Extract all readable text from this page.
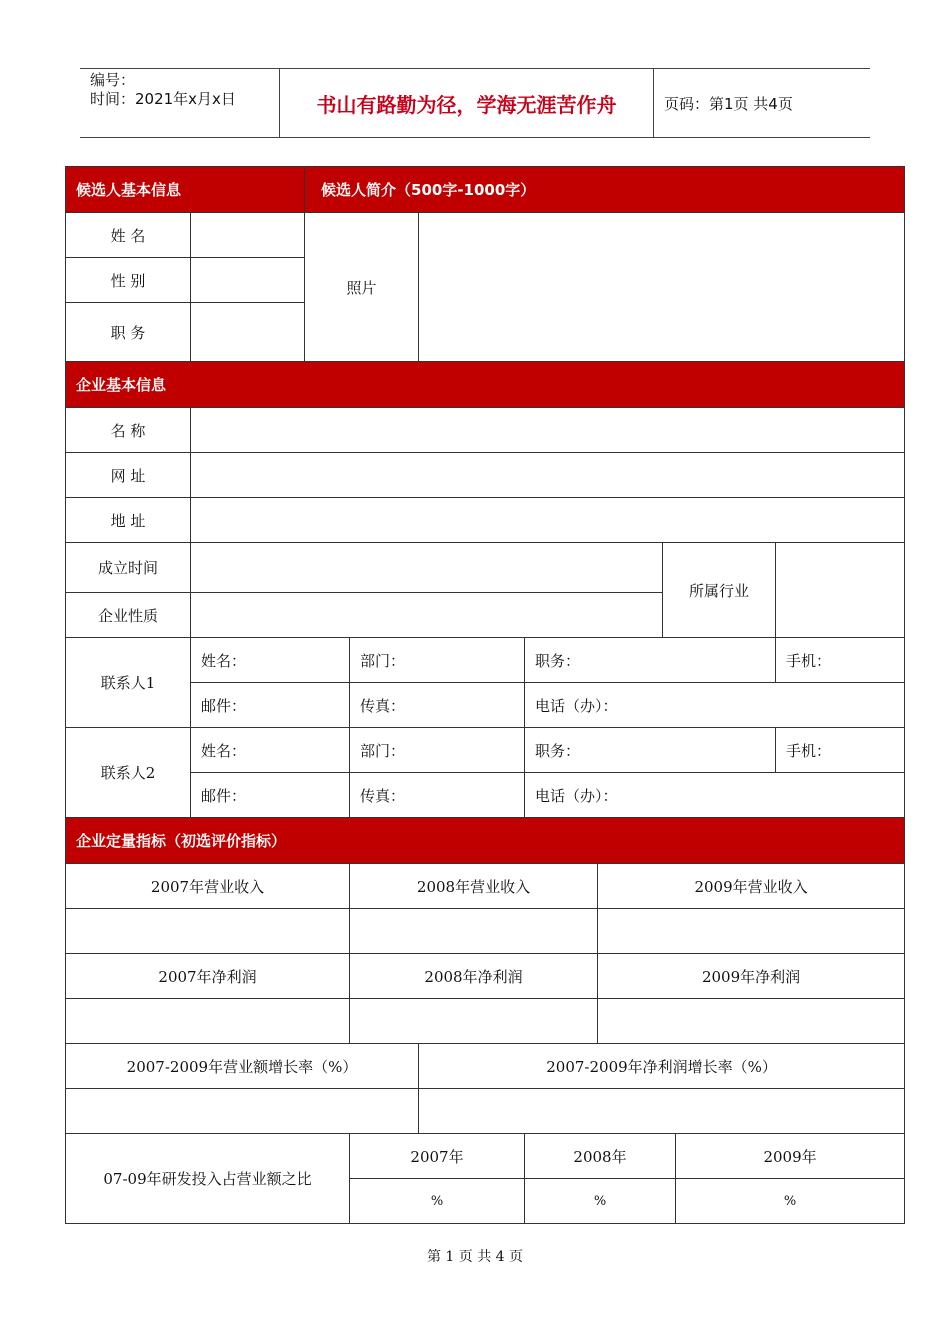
编号：
时间：2021年x月x日	书山有路勤为径，学海无涯苦作舟	页码：第1页 共4页
候选人基本信息		候选人简介（500字-1000字）							
姓 名		照片							
性 别									
职 务									
企业基本信息									
名 称									
网 址									
地 址									
成立时间							所属行业		
企业性质									
联系人1	姓名：		部门：		职务：				手机：
	邮件：		传真：		电话（办）：				
联系人2	姓名：		部门：		职务：				手机：
	邮件：		传真：		电话（办）：				
企业定量指标（初选评价指标）									
2007年营业收入			2008年营业收入			2009年营业收入			

2007年净利润			2008年净利润			2009年净利润			

2007-2009年营业额增长率（%）				2007-2009年净利润增长率（%）					

07-09年研发投入占营业额之比			2007年		2008年			2009年	
			%		%			%	
第 1 页 共 4 页
